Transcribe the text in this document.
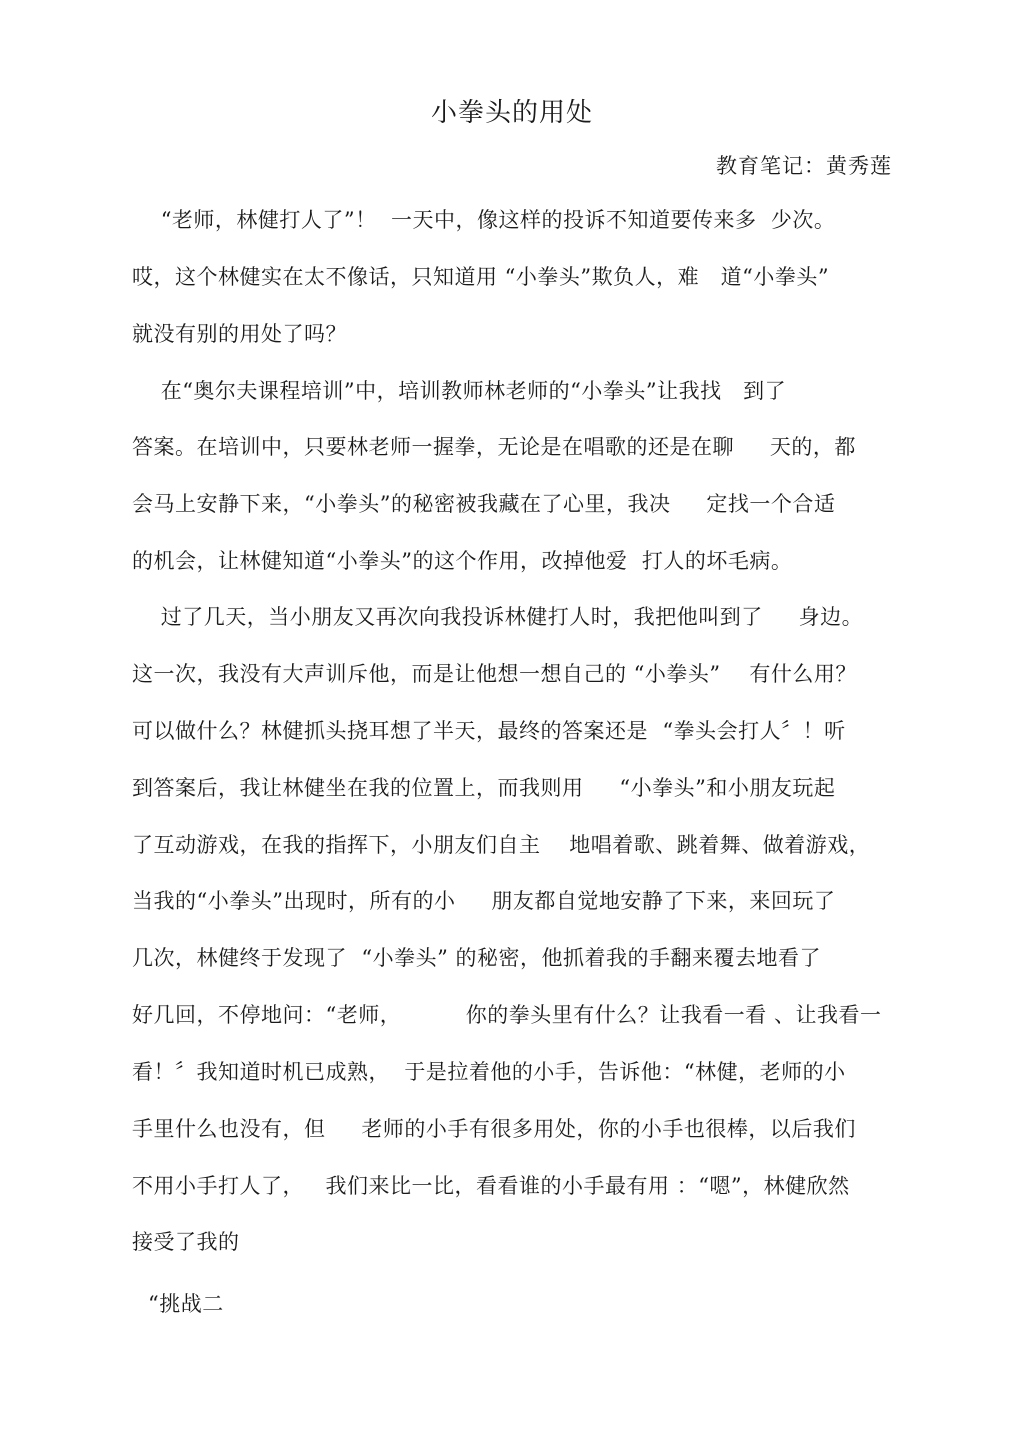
小拳头的用处
教育笔记：黄秀莲
“老师，林健打人了”！  一天中，像这样的投诉不知道要传来多  少次。
哎，这个林健实在太不像话，只知道用 “小拳头”欺负人，难   道“小拳头”
就没有别的用处了吗？
在“奥尔夫课程培训”中，培训教师林老师的“小拳头”让我找   到了
答案。在培训中，只要林老师一握拳，无论是在唱歌的还是在聊     天的，都
会马上安静下来，“小拳头”的秘密被我藏在了心里，我决     定找一个合适
的机会，让林健知道“小拳头”的这个作用，改掉他爱  打人的坏毛病。
过了几天，当小朋友又再次向我投诉林健打人时，我把他叫到了     身边。
这一次，我没有大声训斥他，而是让他想一想自己的 “小拳头”    有什么用？
可以做什么？林健抓头挠耳想了半天，最终的答案还是  “拳头会打人〞！听
到答案后，我让林健坐在我的位置上，而我则用     “小拳头”和小朋友玩起
了互动游戏，在我的指挥下，小朋友们自主    地唱着歌、跳着舞、做着游戏，
当我的“小拳头”出现时，所有的小     朋友都自觉地安静了下来，来回玩了
几次，林健终于发现了  “小拳头” 的秘密，他抓着我的手翻来覆去地看了
好几回，不停地问：“老师，         你的拳头里有什么？让我看一看 、让我看一
看！〞我知道时机已成熟，  于是拉着他的小手，告诉他：“林健，老师的小
手里什么也没有，但     老师的小手有很多用处，你的小手也很棒，以后我们
不用小手打人了，   我们来比一比，看看谁的小手最有用 ：“嗯”，林健欣然
接受了我的
“挑战二
